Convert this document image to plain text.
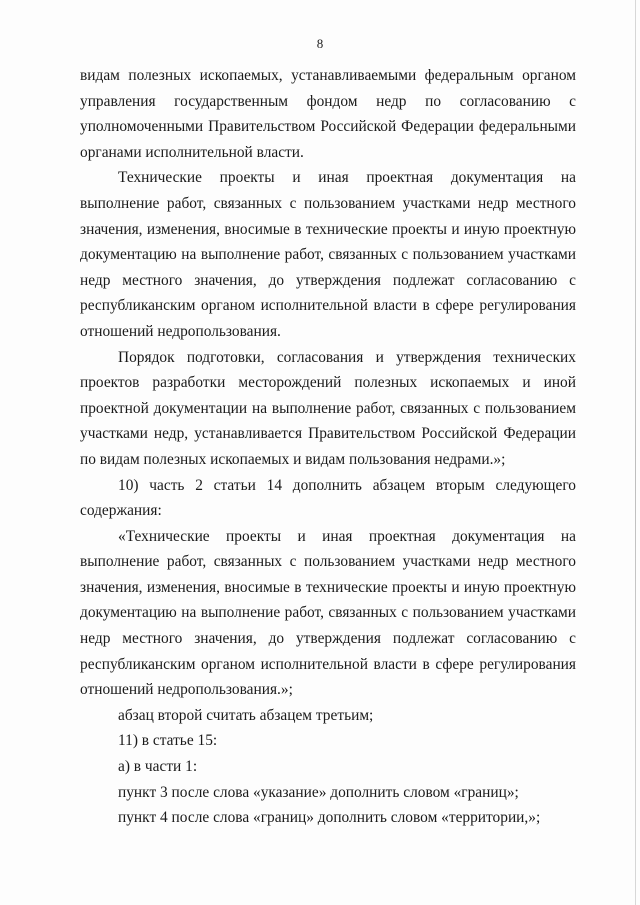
8

видам полезных ископаемых, устанавливаемыми федеральным органом управления государственным фондом недр по согласованию с уполномоченными Правительством Российской Федерации федеральными органами исполнительной власти.

Технические проекты и иная проектная документация на выполнение работ, связанных с пользованием участками недр местного значения, изменения, вносимые в технические проекты и иную проектную документацию на выполнение работ, связанных с пользованием участками недр местного значения, до утверждения подлежат согласованию с республиканским органом исполнительной власти в сфере регулирования отношений недропользования.

Порядок подготовки, согласования и утверждения технических проектов разработки месторождений полезных ископаемых и иной проектной документации на выполнение работ, связанных с пользованием участками недр, устанавливается Правительством Российской Федерации по видам полезных ископаемых и видам пользования недрами.»;

10) часть 2 статьи 14 дополнить абзацем вторым следующего содержания:

«Технические проекты и иная проектная документация на выполнение работ, связанных с пользованием участками недр местного значения, изменения, вносимые в технические проекты и иную проектную документацию на выполнение работ, связанных с пользованием участками недр местного значения, до утверждения подлежат согласованию с республиканским органом исполнительной власти в сфере регулирования отношений недропользования.»;

абзац второй считать абзацем третьим;

11) в статье 15:

а) в части 1:

пункт 3 после слова «указание» дополнить словом «границ»;

пункт 4 после слова «границ» дополнить словом «территории,»;
